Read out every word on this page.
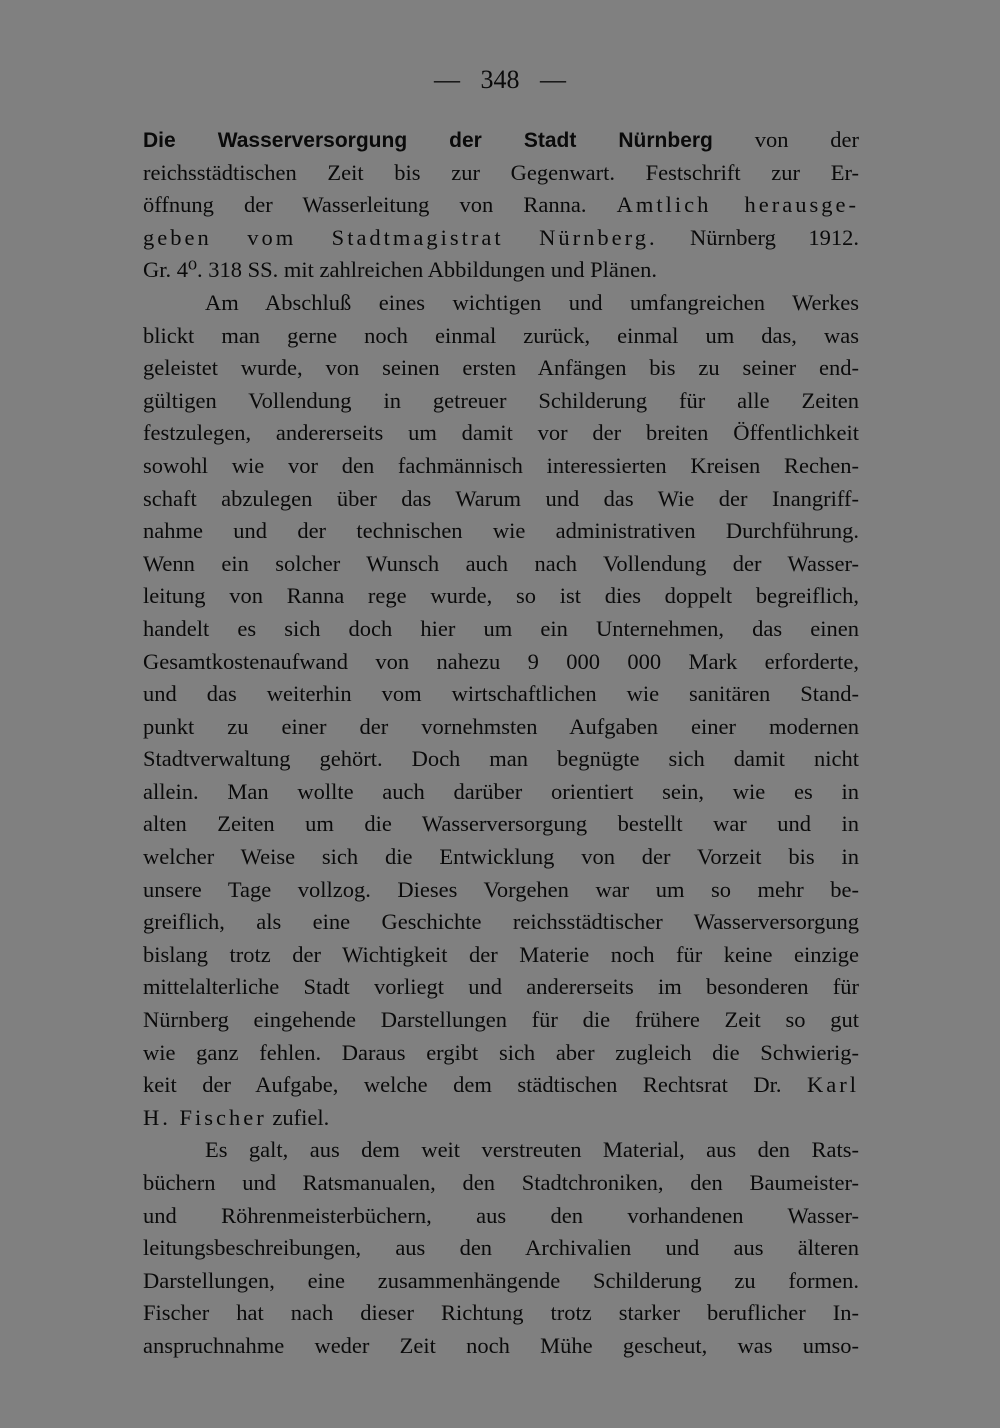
— 348 —
Die Wasserversorgung der Stadt Nürnberg von der
reichsstädtischen Zeit bis zur Gegenwart. Festschrift zur Er-
öffnung der Wasserleitung von Ranna. Amtlich herausge-
geben vom Stadtmagistrat Nürnberg. Nürnberg 1912.
Gr. 4⁰. 318 SS. mit zahlreichen Abbildungen und Plänen.
Am Abschluß eines wichtigen und umfangreichen Werkes
blickt man gerne noch einmal zurück, einmal um das, was
geleistet wurde, von seinen ersten Anfängen bis zu seiner end-
gültigen Vollendung in getreuer Schilderung für alle Zeiten
festzulegen, andererseits um damit vor der breiten Öffentlichkeit
sowohl wie vor den fachmännisch interessierten Kreisen Rechen-
schaft abzulegen über das Warum und das Wie der Inangriff-
nahme und der technischen wie administrativen Durchführung.
Wenn ein solcher Wunsch auch nach Vollendung der Wasser-
leitung von Ranna rege wurde, so ist dies doppelt begreiflich,
handelt es sich doch hier um ein Unternehmen, das einen
Gesamtkostenaufwand von nahezu 9 000 000 Mark erforderte,
und das weiterhin vom wirtschaftlichen wie sanitären Stand-
punkt zu einer der vornehmsten Aufgaben einer modernen
Stadtverwaltung gehört. Doch man begnügte sich damit nicht
allein. Man wollte auch darüber orientiert sein, wie es in
alten Zeiten um die Wasserversorgung bestellt war und in
welcher Weise sich die Entwicklung von der Vorzeit bis in
unsere Tage vollzog. Dieses Vorgehen war um so mehr be-
greiflich, als eine Geschichte reichsstädtischer Wasserversorgung
bislang trotz der Wichtigkeit der Materie noch für keine einzige
mittelalterliche Stadt vorliegt und andererseits im besonderen für
Nürnberg eingehende Darstellungen für die frühere Zeit so gut
wie ganz fehlen. Daraus ergibt sich aber zugleich die Schwierig-
keit der Aufgabe, welche dem städtischen Rechtsrat Dr. Karl
H. Fischer zufiel.
Es galt, aus dem weit verstreuten Material, aus den Rats-
büchern und Ratsmanualen, den Stadtchroniken, den Baumeister-
und Röhrenmeisterbüchern, aus den vorhandenen Wasser-
leitungsbeschreibungen, aus den Archivalien und aus älteren
Darstellungen, eine zusammenhängende Schilderung zu formen.
Fischer hat nach dieser Richtung trotz starker beruflicher In-
anspruchnahme weder Zeit noch Mühe gescheut, was umso-
